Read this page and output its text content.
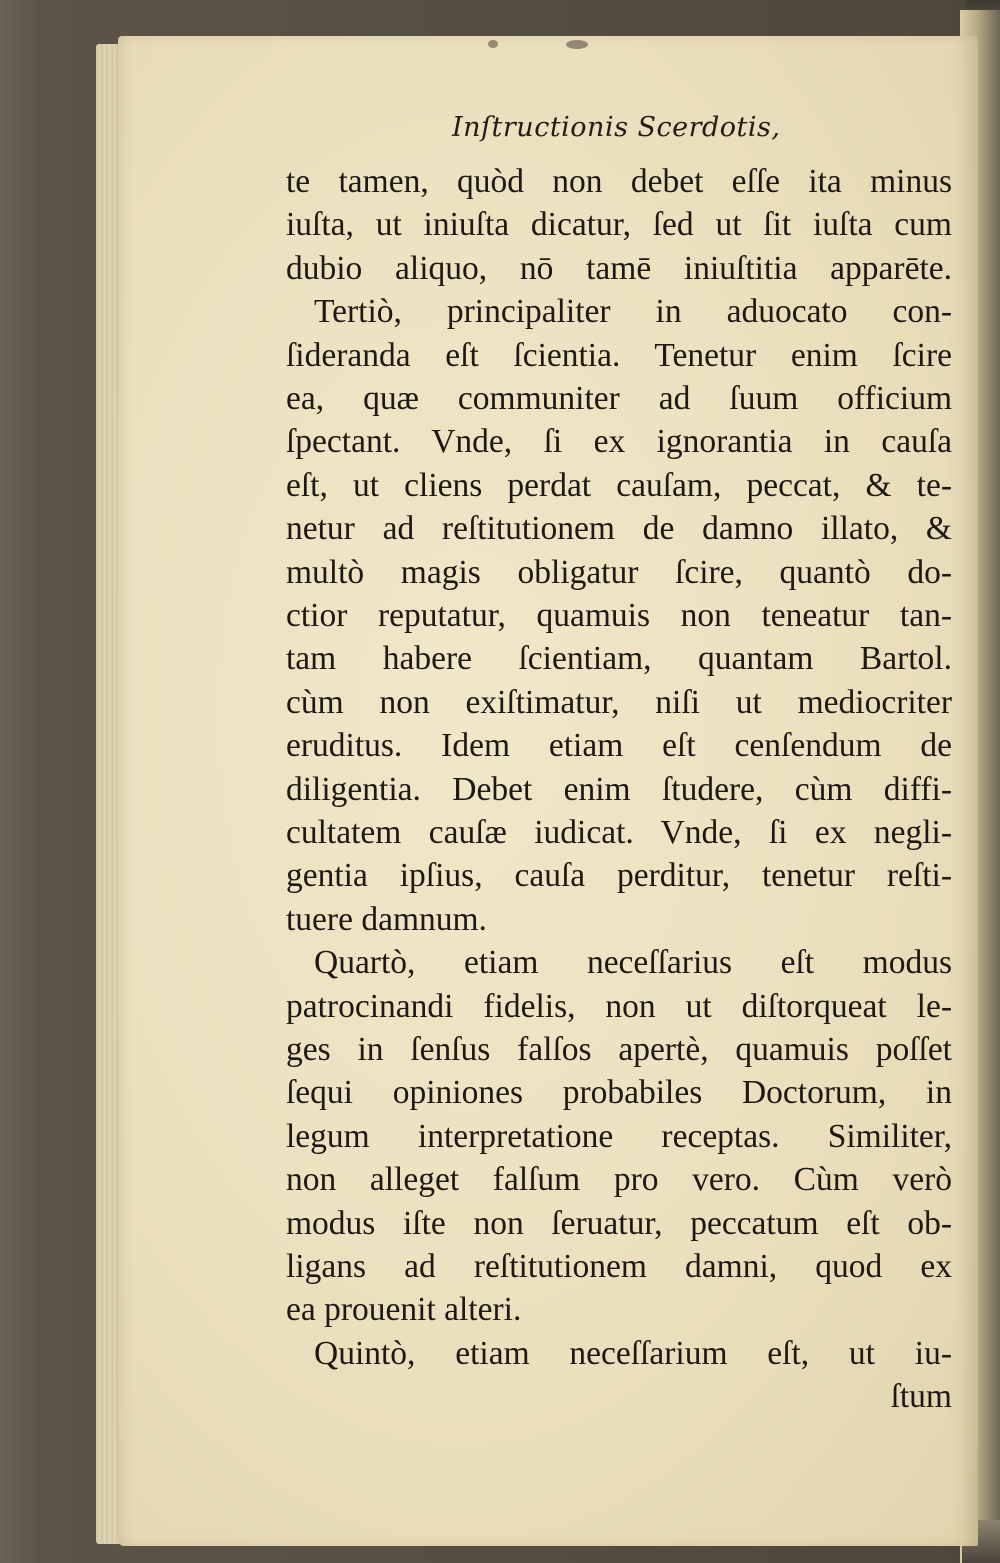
Inſtructionis Scerdotis,
te tamen, quòd non debet eſſe ita minus
iuſta, ut iniuſta dicatur, ſed ut ſit iuſta cum
dubio aliquo, nō tamē iniuſtitia apparēte.
Tertiò, principaliter in aduocato con-
ſideranda eſt ſcientia. Tenetur enim ſcire
ea, quæ communiter ad ſuum officium
ſpectant. Vnde, ſi ex ignorantia in cauſa
eſt, ut cliens perdat cauſam, peccat, & te-
netur ad reſtitutionem de damno illato, &
multò magis obligatur ſcire, quantò do-
ctior reputatur, quamuis non teneatur tan-
tam habere ſcientiam, quantam Bartol.
cùm non exiſtimatur, niſi ut mediocriter
eruditus. Idem etiam eſt cenſendum de
diligentia. Debet enim ſtudere, cùm diffi-
cultatem cauſæ iudicat. Vnde, ſi ex negli-
gentia ipſius, cauſa perditur, tenetur reſti-
tuere damnum.
Quartò, etiam neceſſarius eſt modus
patrocinandi fidelis, non ut diſtorqueat le-
ges in ſenſus falſos apertè, quamuis poſſet
ſequi opiniones probabiles Doctorum, in
legum interpretatione receptas. Similiter,
non alleget falſum pro vero. Cùm verò
modus iſte non ſeruatur, peccatum eſt ob-
ligans ad reſtitutionem damni, quod ex
ea prouenit alteri.
Quintò, etiam neceſſarium eſt, ut iu-
ſtum
